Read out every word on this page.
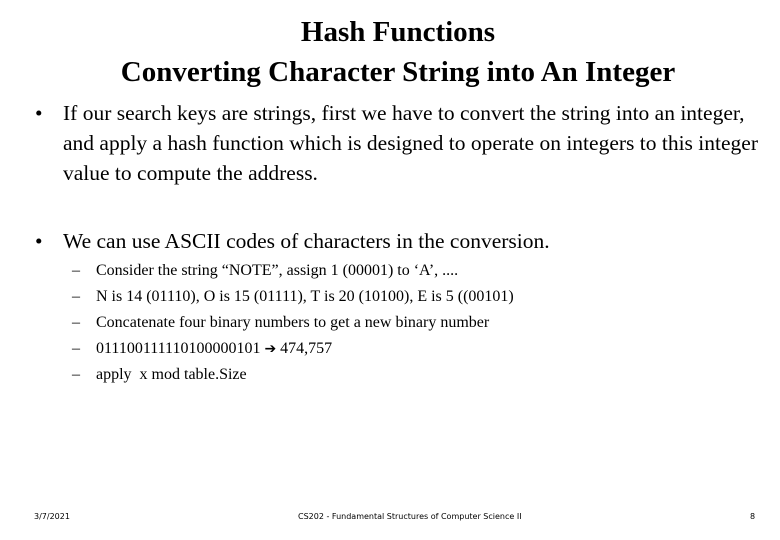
Hash Functions
Converting Character String into An Integer
• If our search keys are strings, first we have to convert the string into an integer, and apply a hash function which is designed to operate on integers to this integer value to compute the address.
• We can use ASCII codes of characters in the conversion.
– Consider the string “NOTE”, assign 1 (00001) to ‘A’, ....
– N is 14 (01110), O is 15 (01111), T is 20 (10100), E is 5 ((00101)
– Concatenate four binary numbers to get a new binary number
– 011100111110100000101 ➔ 474,757
– apply  x mod table.Size
3/7/2021	CS202 - Fundamental Structures of Computer Science II	8
